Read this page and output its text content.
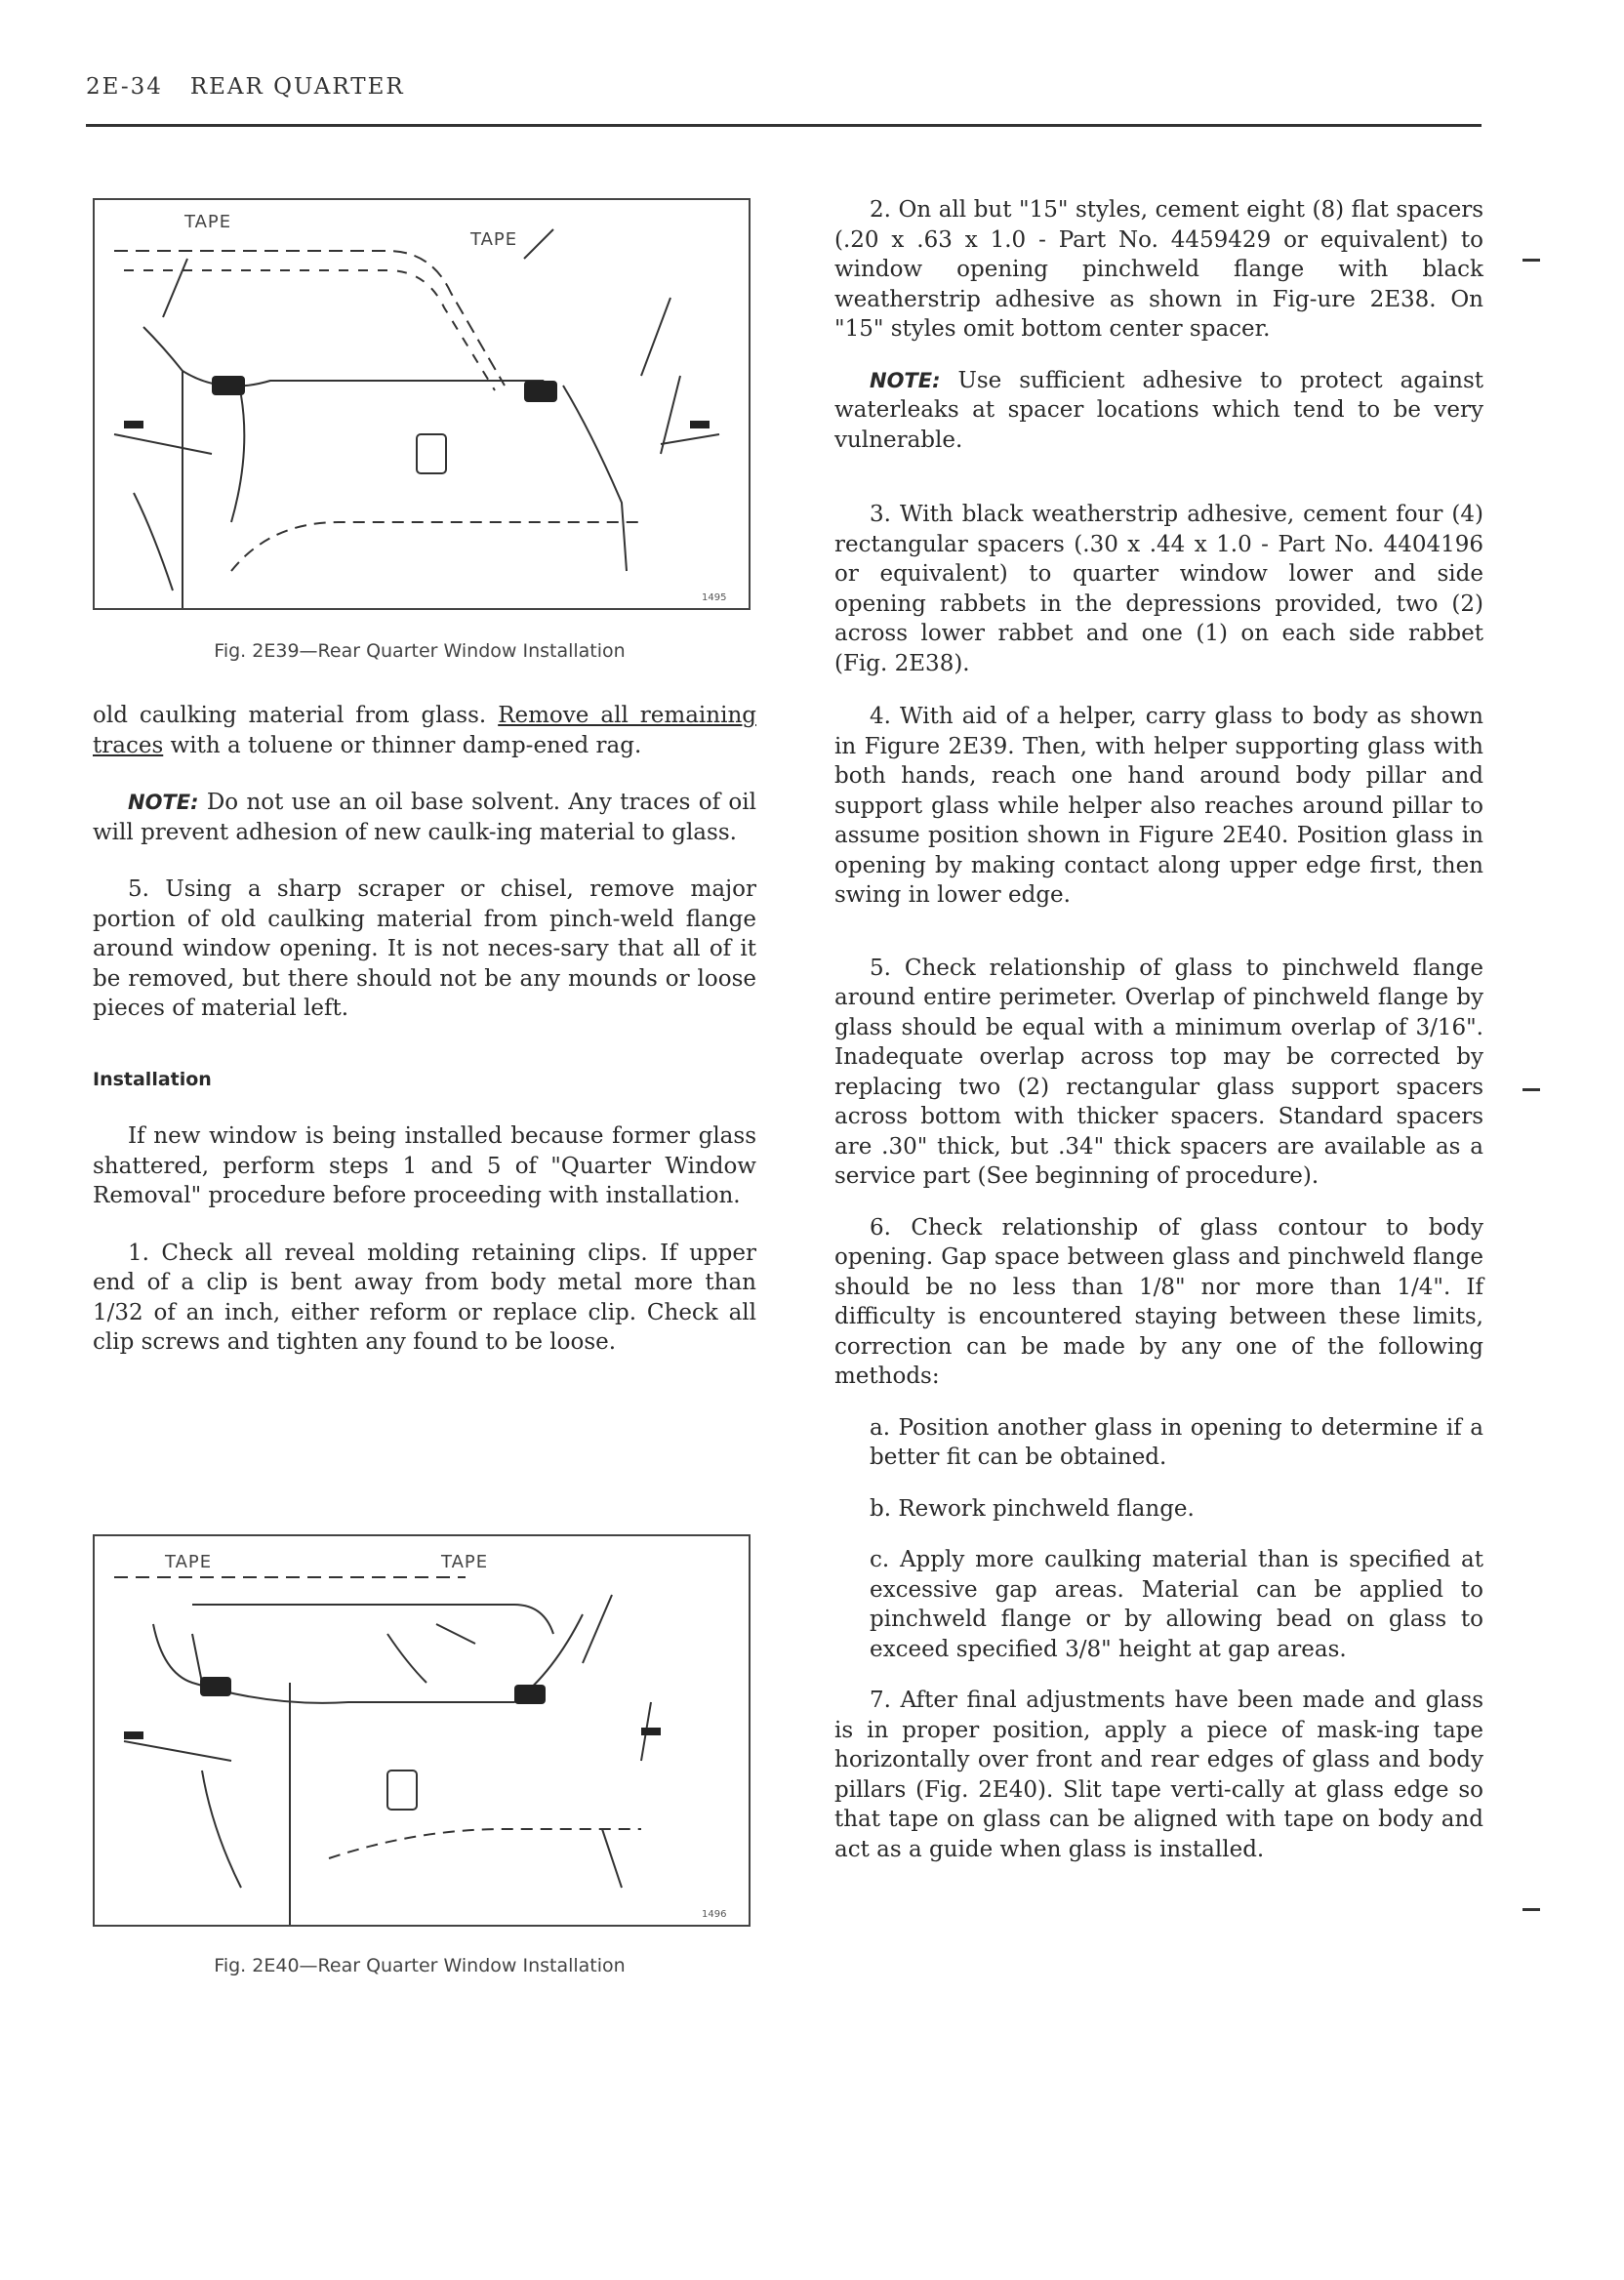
2E-34 REAR QUARTER
TAPE
TAPE
1495
Fig. 2E39—Rear Quarter Window Installation

old caulking material from glass. Remove all remaining traces with a toluene or thinner damp-ened rag.

NOTE: Do not use an oil base solvent. Any traces of oil will prevent adhesion of new caulk-ing material to glass.

5. Using a sharp scraper or chisel, remove major portion of old caulking material from pinch-weld flange around window opening. It is not neces-sary that all of it be removed, but there should not be any mounds or loose pieces of material left.

Installation

If new window is being installed because former glass shattered, perform steps 1 and 5 of "Quarter Window Removal" procedure before proceeding with installation.

1. Check all reveal molding retaining clips. If upper end of a clip is bent away from body metal more than 1/32 of an inch, either reform or replace clip. Check all clip screws and tighten any found to be loose.

TAPE	TAPE
1496
Fig. 2E40—Rear Quarter Window Installation

2. On all but "15" styles, cement eight (8) flat spacers (.20 x .63 x 1.0 - Part No. 4459429 or equivalent) to window opening pinchweld flange with black weatherstrip adhesive as shown in Fig-ure 2E38. On "15" styles omit bottom center spacer.

NOTE: Use sufficient adhesive to protect against waterleaks at spacer locations which tend to be very vulnerable.

3. With black weatherstrip adhesive, cement four (4) rectangular spacers (.30 x .44 x 1.0 - Part No. 4404196 or equivalent) to quarter window lower and side opening rabbets in the depressions provided, two (2) across lower rabbet and one (1) on each side rabbet (Fig. 2E38).

4. With aid of a helper, carry glass to body as shown in Figure 2E39. Then, with helper supporting glass with both hands, reach one hand around body pillar and support glass while helper also reaches around pillar to assume position shown in Figure 2E40. Position glass in opening by making contact along upper edge first, then swing in lower edge.

5. Check relationship of glass to pinchweld flange around entire perimeter. Overlap of pinchweld flange by glass should be equal with a minimum overlap of 3/16". Inadequate overlap across top may be corrected by replacing two (2) rectangular glass support spacers across bottom with thicker spacers. Standard spacers are .30" thick, but .34" thick spacers are available as a service part (See beginning of procedure).

6. Check relationship of glass contour to body opening. Gap space between glass and pinchweld flange should be no less than 1/8" nor more than 1/4". If difficulty is encountered staying between these limits, correction can be made by any one of the following methods:

a. Position another glass in opening to determine if a better fit can be obtained.

b. Rework pinchweld flange.

c. Apply more caulking material than is specified at excessive gap areas. Material can be applied to pinchweld flange or by allowing bead on glass to exceed specified 3/8" height at gap areas.

7. After final adjustments have been made and glass is in proper position, apply a piece of mask-ing tape horizontally over front and rear edges of glass and body pillars (Fig. 2E40). Slit tape verti-cally at glass edge so that tape on glass can be aligned with tape on body and act as a guide when glass is installed.
